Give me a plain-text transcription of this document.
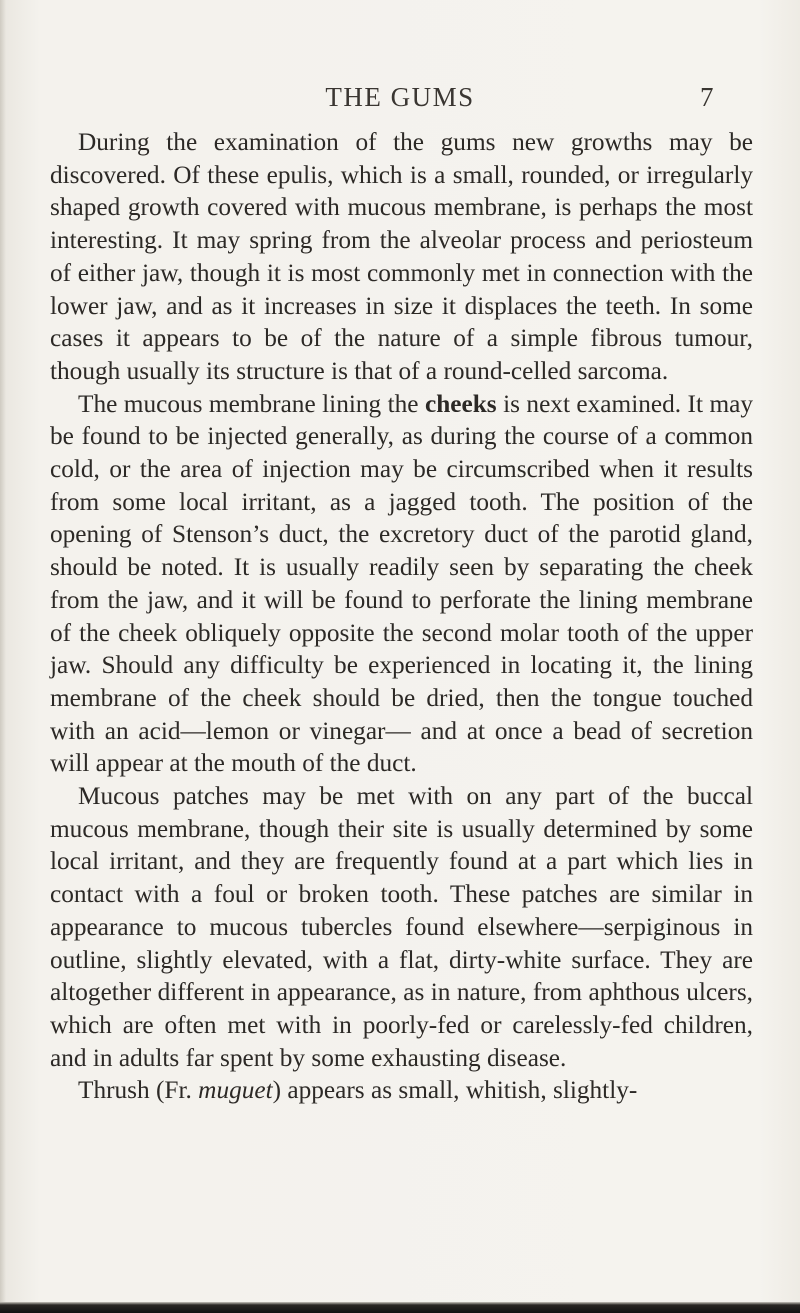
THE GUMS	7

During the examination of the gums new growths may be discovered. Of these epulis, which is a small, rounded, or irregularly shaped growth covered with mucous membrane, is perhaps the most interesting. It may spring from the alveolar process and periosteum of either jaw, though it is most commonly met in connection with the lower jaw, and as it increases in size it displaces the teeth. In some cases it appears to be of the nature of a simple fibrous tumour, though usually its structure is that of a round-celled sarcoma.

The mucous membrane lining the cheeks is next examined. It may be found to be injected generally, as during the course of a common cold, or the area of injection may be circumscribed when it results from some local irritant, as a jagged tooth. The position of the opening of Stenson’s duct, the excretory duct of the parotid gland, should be noted. It is usually readily seen by separating the cheek from the jaw, and it will be found to perforate the lining membrane of the cheek obliquely opposite the second molar tooth of the upper jaw. Should any difficulty be experienced in locating it, the lining membrane of the cheek should be dried, then the tongue touched with an acid—lemon or vinegar— and at once a bead of secretion will appear at the mouth of the duct.

Mucous patches may be met with on any part of the buccal mucous membrane, though their site is usually determined by some local irritant, and they are frequently found at a part which lies in contact with a foul or broken tooth. These patches are similar in appearance to mucous tubercles found elsewhere—serpiginous in outline, slightly elevated, with a flat, dirty-white surface. They are altogether different in appearance, as in nature, from aphthous ulcers, which are often met with in poorly-fed or carelessly-fed children, and in adults far spent by some exhausting disease.

Thrush (Fr. muguet) appears as small, whitish, slightly-
